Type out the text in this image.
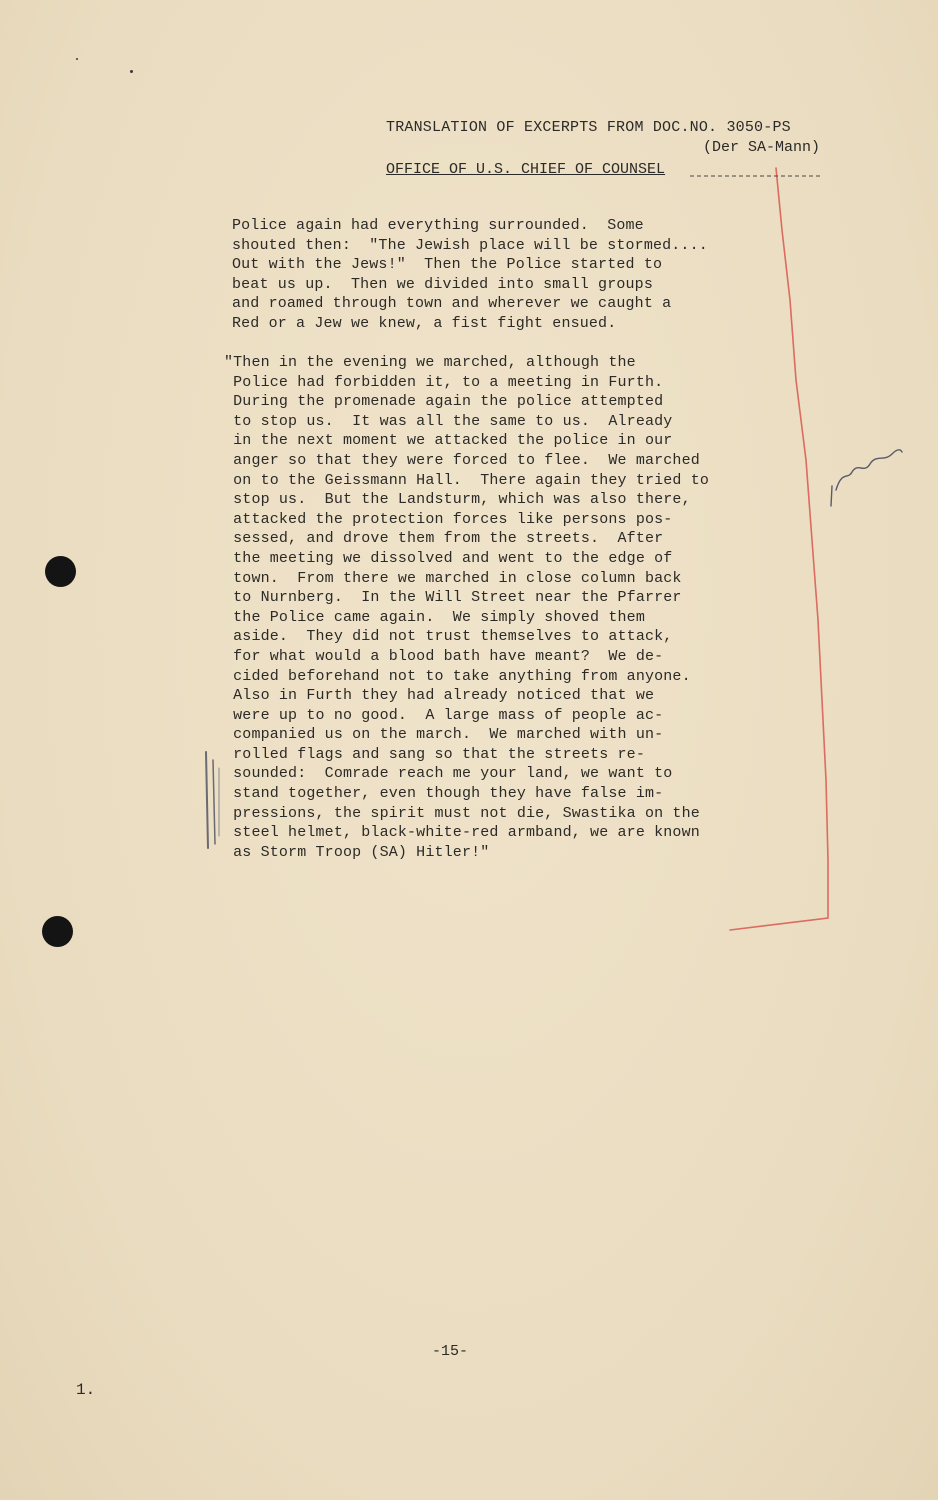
TRANSLATION OF EXCERPTS FROM DOC.NO. 3050-PS
(Der SA-Mann)
OFFICE OF U.S. CHIEF OF COUNSEL
Police again had everything surrounded.  Some
shouted then:  "The Jewish place will be stormed....
Out with the Jews!"  Then the Police started to
beat us up.  Then we divided into small groups
and roamed through town and wherever we caught a
Red or a Jew we knew, a fist fight ensued.
"Then in the evening we marched, although the
Police had forbidden it, to a meeting in Furth.
During the promenade again the police attempted
to stop us.  It was all the same to us.  Already
in the next moment we attacked the police in our
anger so that they were forced to flee.  We marched
on to the Geissmann Hall.  There again they tried to
stop us.  But the Landsturm, which was also there,
attacked the protection forces like persons pos-
sessed, and drove them from the streets.  After
the meeting we dissolved and went to the edge of
town.  From there we marched in close column back
to Nurnberg.  In the Will Street near the Pfarrer
the Police came again.  We simply shoved them
aside.  They did not trust themselves to attack,
for what would a blood bath have meant?  We de-
cided beforehand not to take anything from anyone.
Also in Furth they had already noticed that we
were up to no good.  A large mass of people ac-
companied us on the march.  We marched with un-
rolled flags and sang so that the streets re-
sounded:  Comrade reach me your land, we want to
stand together, even though they have false im-
pressions, the spirit must not die, Swastika on the
steel helmet, black-white-red armband, we are known
as Storm Troop (SA) Hitler!"
-15-
1.
